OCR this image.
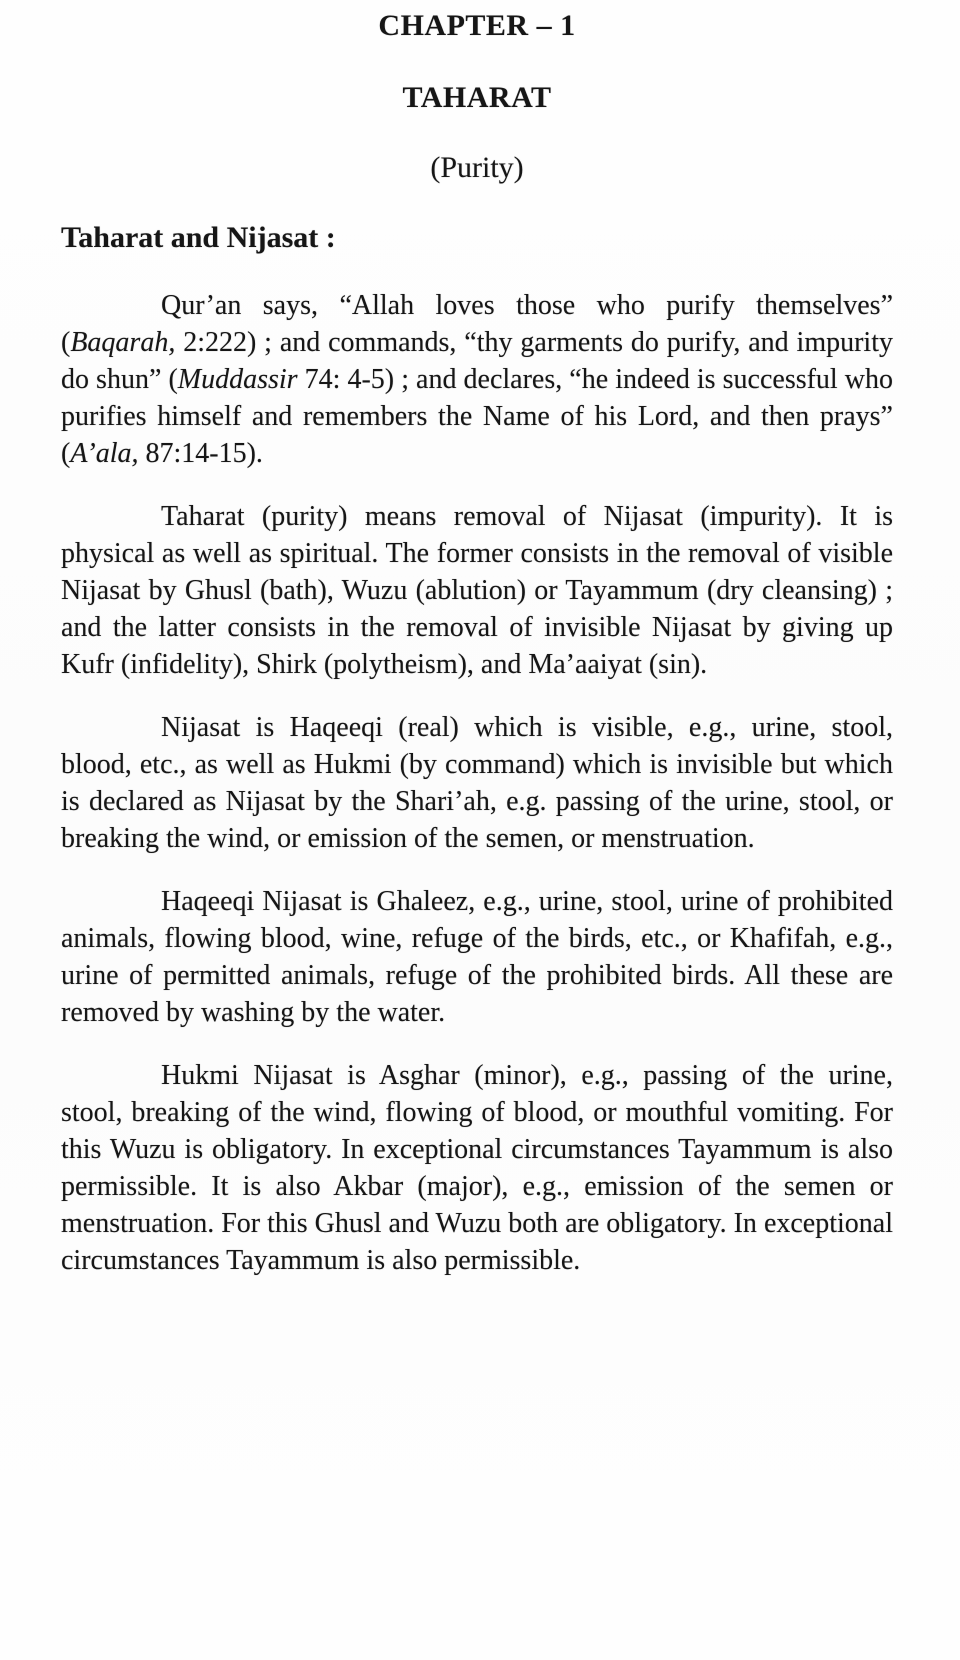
CHAPTER – 1
TAHARAT
(Purity)
Taharat and Nijasat :

Qur’an says, “Allah loves those who purify themselves” (Baqarah, 2:222) ; and commands, “thy garments do purify, and impurity do shun” (Muddassir 74: 4-5) ; and declares, “he indeed is successful who purifies himself and remembers the Name of his Lord, and then prays” (A’ala, 87:14-15).

Taharat (purity) means removal of Nijasat (impurity). It is physical as well as spiritual. The former consists in the removal of visible Nijasat by Ghusl (bath), Wuzu (ablution) or Tayammum (dry cleansing) ; and the latter consists in the removal of invisible Nijasat by giving up Kufr (infidelity), Shirk (polytheism), and Ma’aaiyat (sin).

Nijasat is Haqeeqi (real) which is visible, e.g., urine, stool, blood, etc., as well as Hukmi (by command) which is invisible but which is declared as Nijasat by the Shari’ah, e.g. passing of the urine, stool, or breaking the wind, or emission of the semen, or menstruation.

Haqeeqi Nijasat is Ghaleez, e.g., urine, stool, urine of prohibited animals, flowing blood, wine, refuge of the birds, etc., or Khafifah, e.g., urine of permitted animals, refuge of the prohibited birds. All these are removed by washing by the water.

Hukmi Nijasat is Asghar (minor), e.g., passing of the urine, stool, breaking of the wind, flowing of blood, or mouthful vomiting. For this Wuzu is obligatory. In exceptional circumstances Tayammum is also permissible. It is also Akbar (major), e.g., emission of the semen or menstruation. For this Ghusl and Wuzu both are obligatory. In exceptional circumstances Tayammum is also permissible.
